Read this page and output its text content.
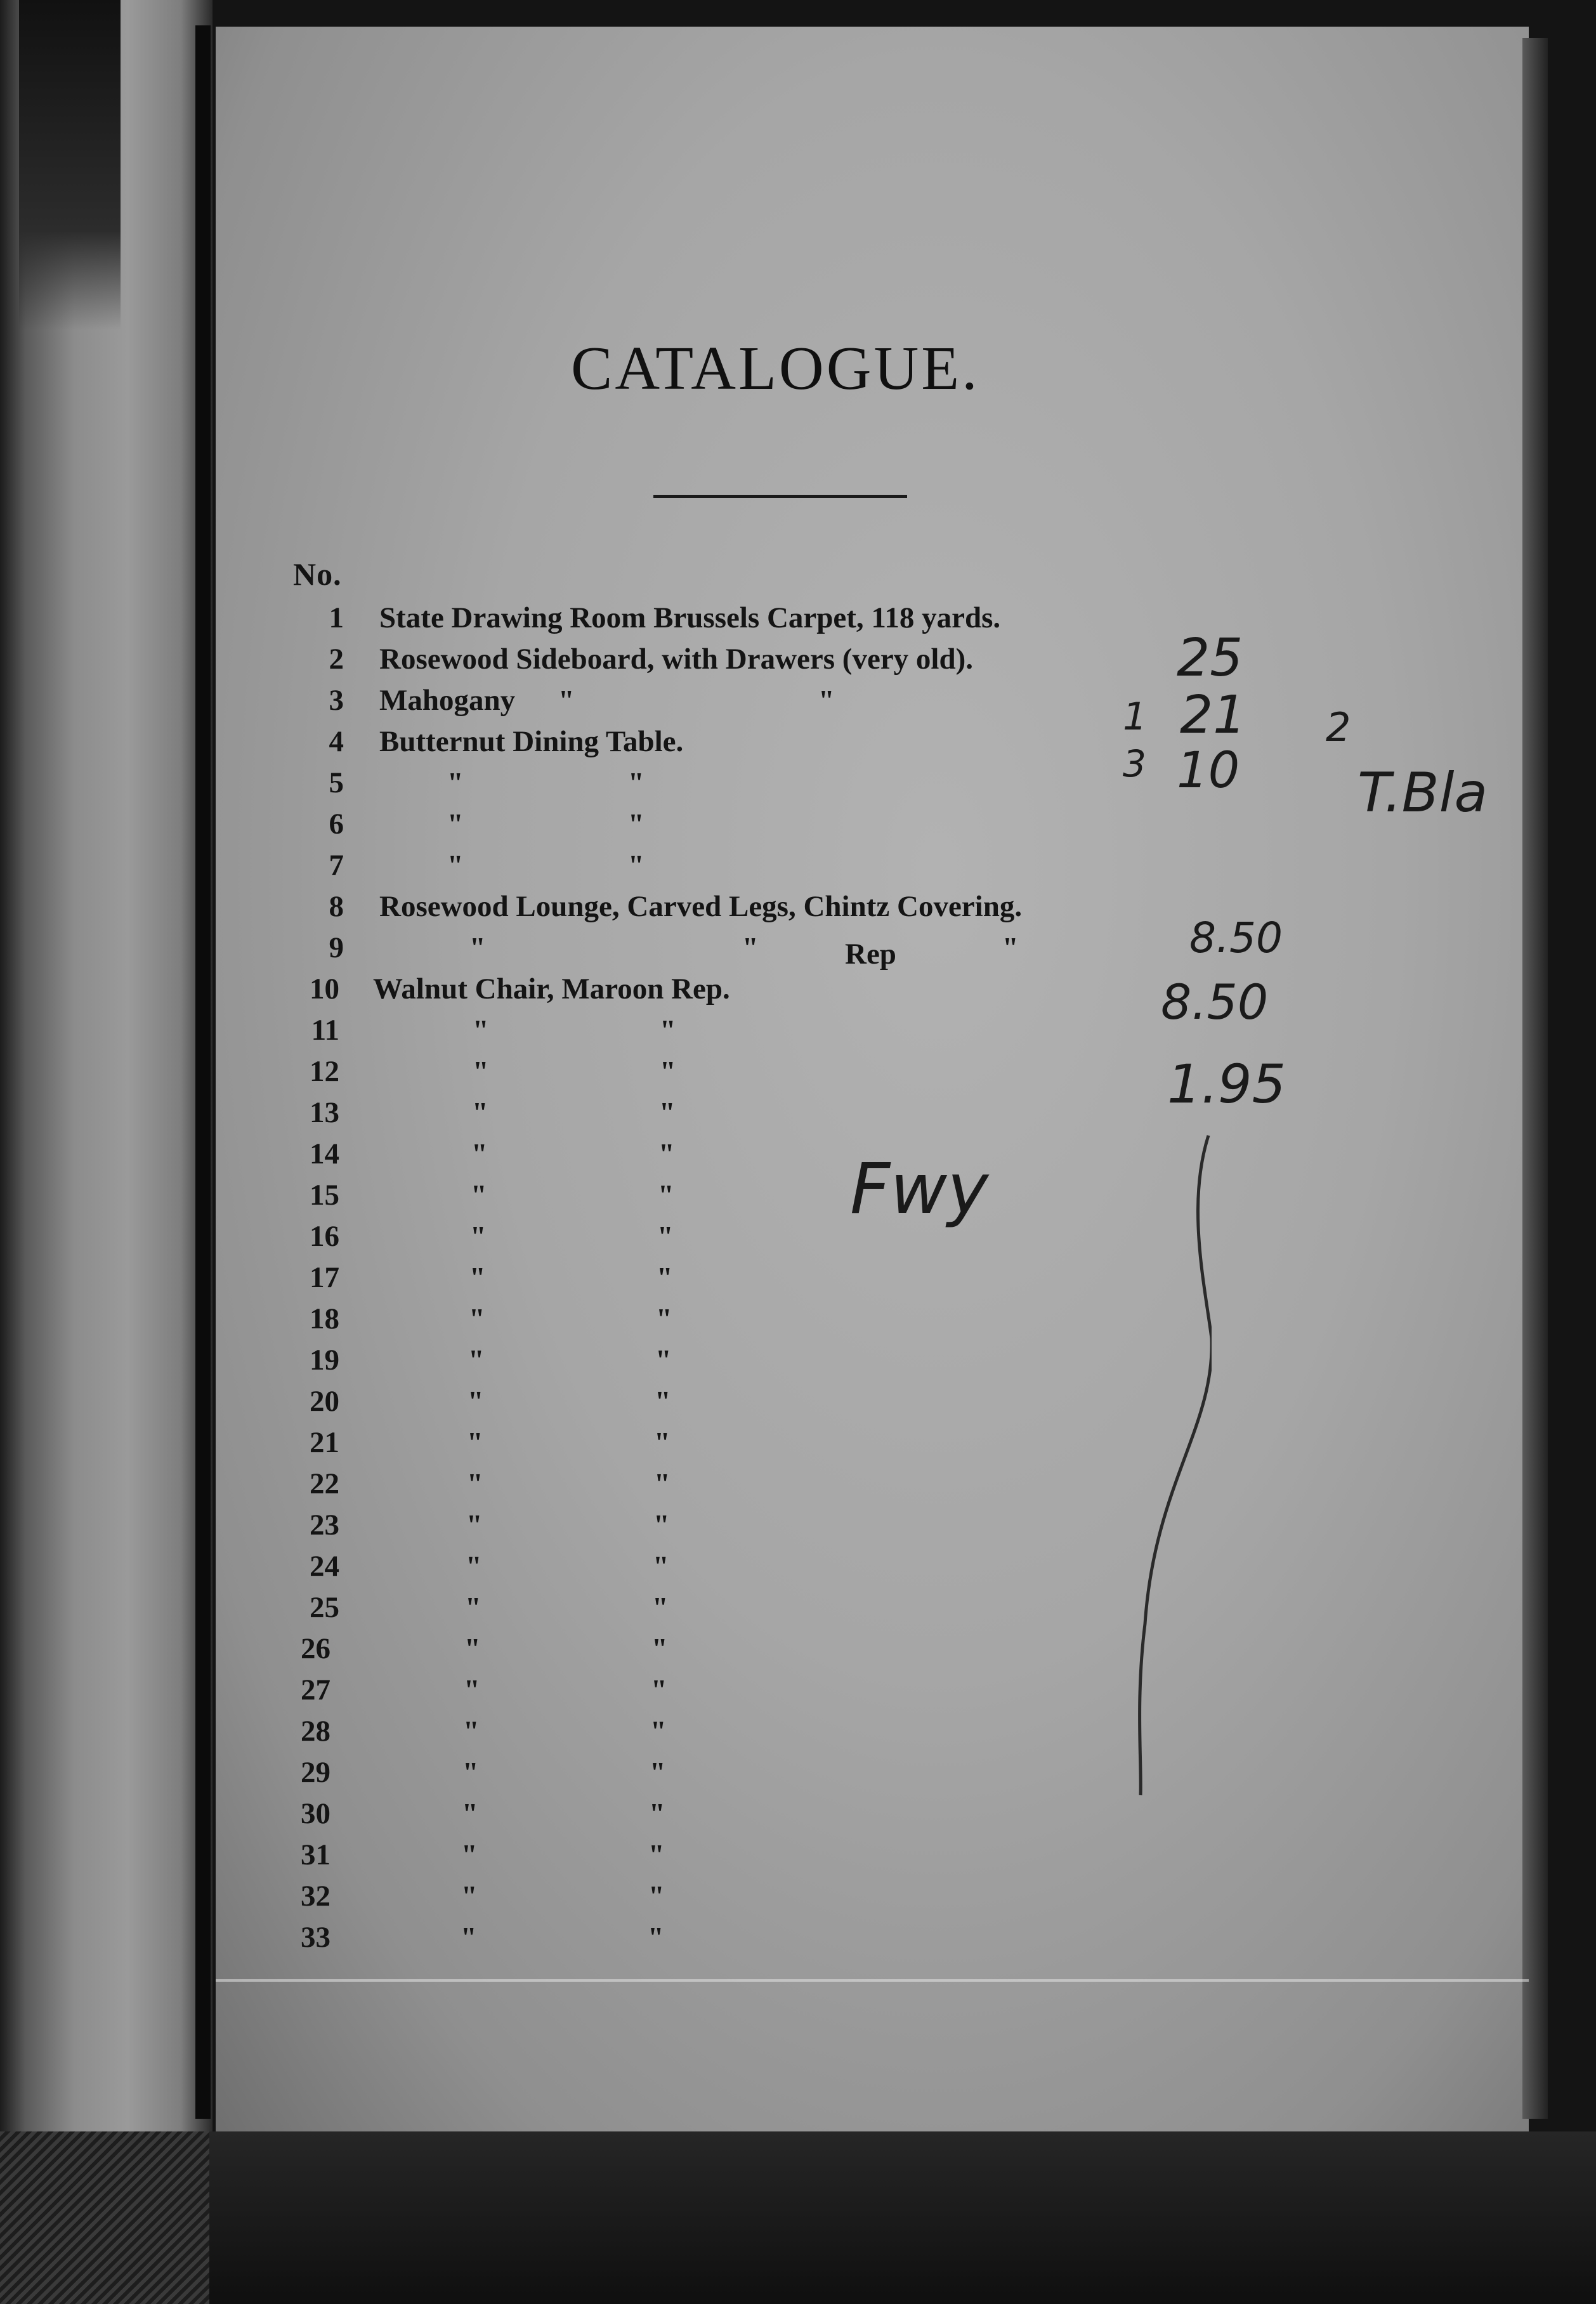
CATALOGUE.
No.
1 State Drawing Room Brussels Carpet, 118 yards.
2 Rosewood Sideboard, with Drawers (very old).
3 Mahogany "	"
4 Butternut Dining Table.
5	"	"
6	"	"
7	"	"
8 Rosewood Lounge, Carved Legs, Chintz Covering.
9	"	"	"
Rep
10 Walnut Chair, Maroon Rep.
11	"	"
12	"	"
13	"	"
14	"	"
15	"	"
16	"	"
17	"	"
18	"	"
19	"	"
20	"	"
21	"	"
22	"	"
23	"	"
24	"	"
25	"	"
26	"	"
27	"	"
28	"	"
29	"	"
30	"	"
31	"	"
32	"	"
33	"	"
25
1 21 2
10
3	T.Bla
8.50
8.50
1.95
Fwy
